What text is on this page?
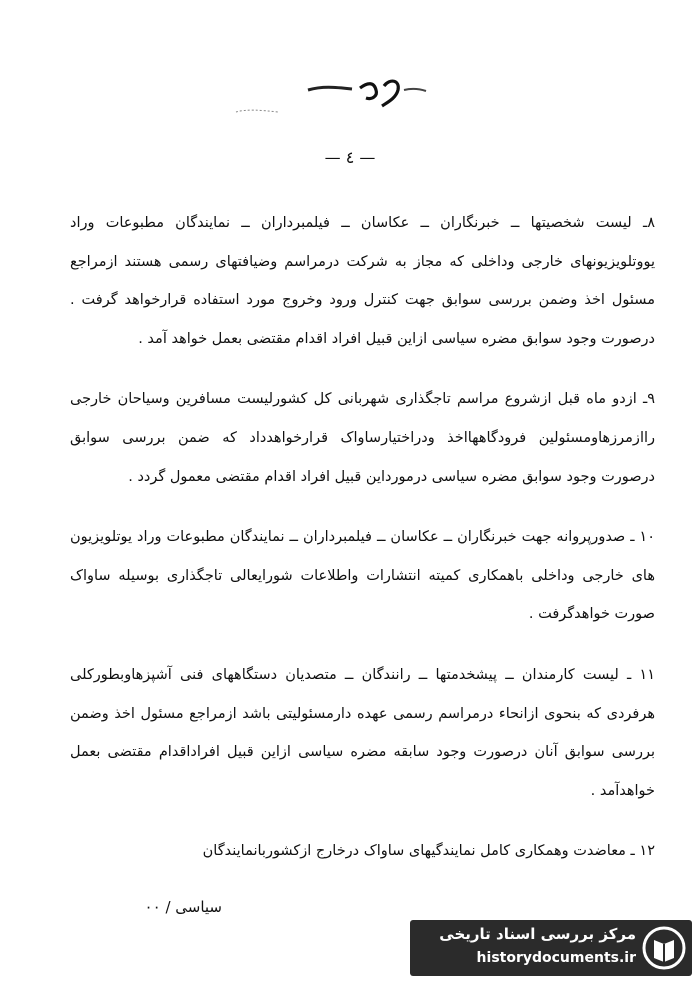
— ٤ —

۸ـ لیست شخصیتها ــ خبرنگاران ــ عکاسان ــ فیلمبرداران ــ نمایندگان مطبوعات وراد یووتلویزیونهای خارجی وداخلی که مجاز به شرکت درمراسم وضیافتهای رسمی هستند ازمراجع مسئول اخذ وضمن بررسی سوابق جهت کنترل ورود وخروج مورد استفاده قرارخواهد گرفت . درصورت وجود سوابق مضره سیاسی ازاین قبیل افراد اقدام مقتضی بعمل خواهد آمد .

۹ـ ازدو ماه قبل ازشروع مراسم تاجگذاری شهربانی کل کشورلیست مسافرین وسیاحان خارجی راازمرزهاومسئولین فرودگاههااخذ ودراختیارساواک قرارخواهدداد که ضمن بررسی سوابق درصورت وجود سوابق مضره سیاسی درمورداین قبیل افراد اقدام مقتضی معمول گردد .

۱۰ ـ صدورپروانه جهت خبرنگاران ــ عکاسان ــ فیلمبرداران ــ نمایندگان مطبوعات وراد یوتلویزیون های خارجی وداخلی باهمکاری کمیته انتشارات واطلاعات شورایعالی تاجگذاری بوسیله ساواک صورت خواهدگرفت .

۱۱ ـ لیست کارمندان ــ پیشخدمتها ــ رانندگان ــ متصدیان دستگاههای فنی آشپزهاوبطورکلی هرفردی که بنحوی ازانحاء درمراسم رسمی عهده دارمسئولیتی باشد ازمراجع مسئول اخذ وضمن بررسی سوابق آنان درصورت وجود سابقه مضره سیاسی ازاین قبیل افراداقدام مقتضی بعمل خواهدآمد .

۱۲ ـ معاضدت وهمکاری کامل نمایندگیهای ساواک درخارج ازکشوربانمایندگان

سیاسی / ۰۰
مرکز بررسی اسناد تاریخی
historydocuments.ir
